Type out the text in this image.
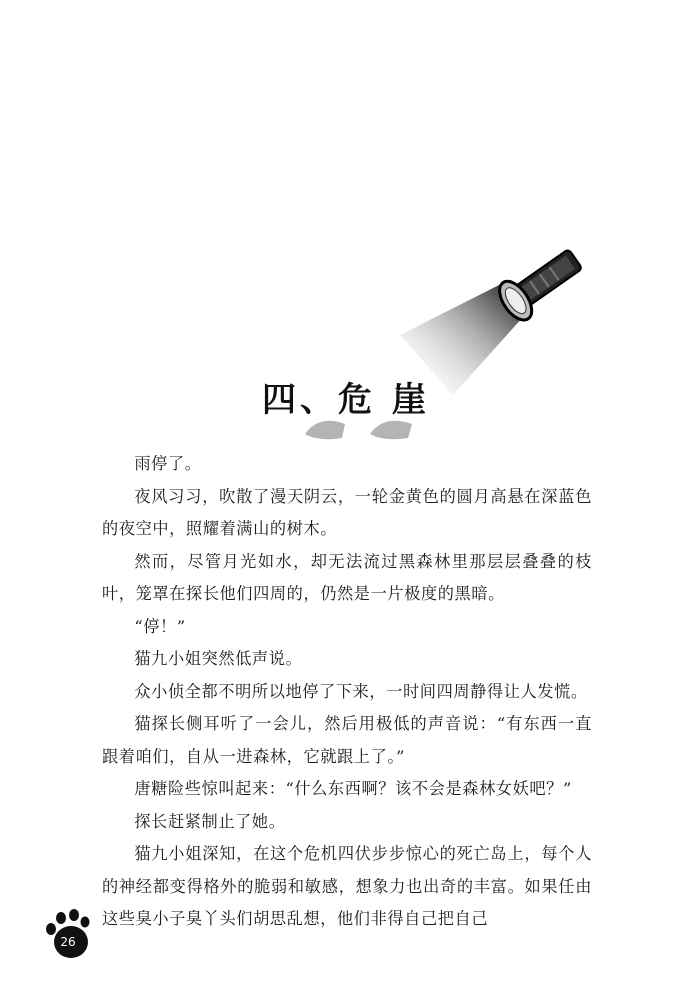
四、危 崖

雨停了。

夜风习习，吹散了漫天阴云，一轮金黄色的圆月高悬在深蓝色的夜空中，照耀着满山的树木。

然而，尽管月光如水，却无法流过黑森林里那层层叠叠的枝叶，笼罩在探长他们四周的，仍然是一片极度的黑暗。

“停！”

猫九小姐突然低声说。

众小侦全都不明所以地停了下来，一时间四周静得让人发慌。

猫探长侧耳听了一会儿，然后用极低的声音说：“有东西一直跟着咱们，自从一进森林，它就跟上了。”

唐糖险些惊叫起来：“什么东西啊？该不会是森林女妖吧？”

探长赶紧制止了她。

猫九小姐深知，在这个危机四伏步步惊心的死亡岛上，每个人的神经都变得格外的脆弱和敏感，想象力也出奇的丰富。如果任由这些臭小子臭丫头们胡思乱想，他们非得自己把自己

26
